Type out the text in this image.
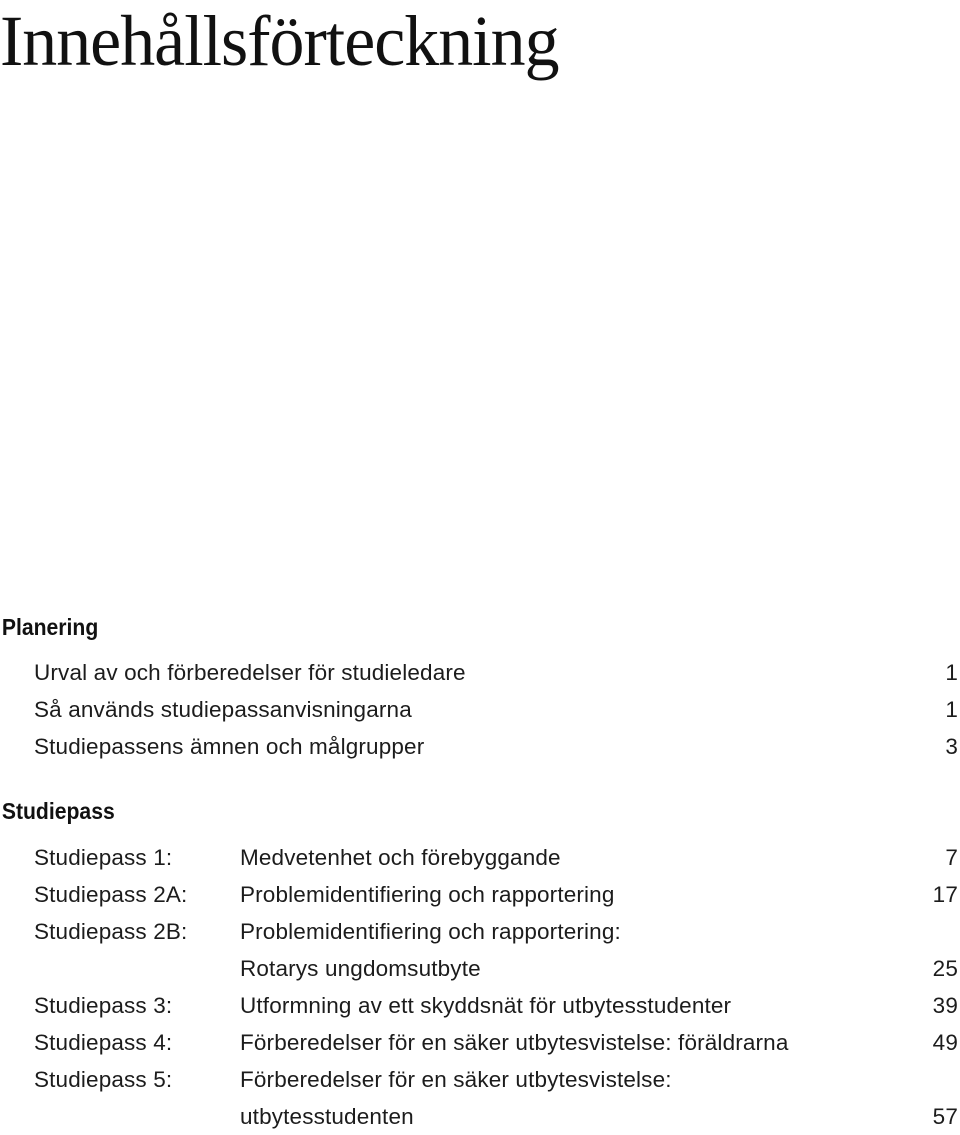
Innehållsförteckning
Planering
Urval av och förberedelser för studieledare	1
Så används studiepassanvisningarna	1
Studiepassens ämnen och målgrupper	3
Studiepass
Studiepass 1:	Medvetenhet och förebyggande	7
Studiepass 2A: Problemidentifiering och rapportering	17
Studiepass 2B: Problemidentifiering och rapportering:
Rotarys ungdomsutbyte	25
Studiepass 3:	Utformning av ett skyddsnät för utbytesstudenter	39
Studiepass 4:	Förberedelser för en säker utbytesvistelse: föräldrarna	49
Studiepass 5:	Förberedelser för en säker utbytesvistelse:
utbytesstudenten	57
